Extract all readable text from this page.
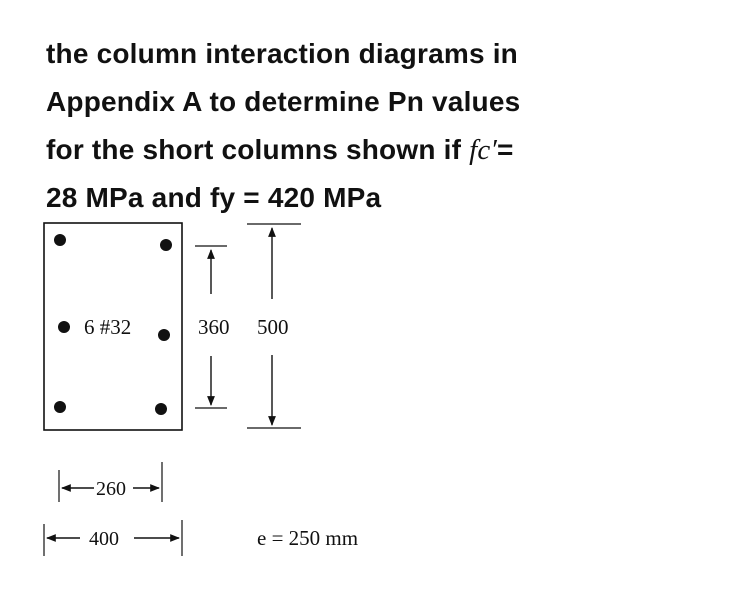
the column interaction diagrams in
Appendix A to determine Pn values
for the short columns shown if fc′=
28 MPa and fy = 420 MPa
6 #32	360 500
260
400	e = 250 mm
